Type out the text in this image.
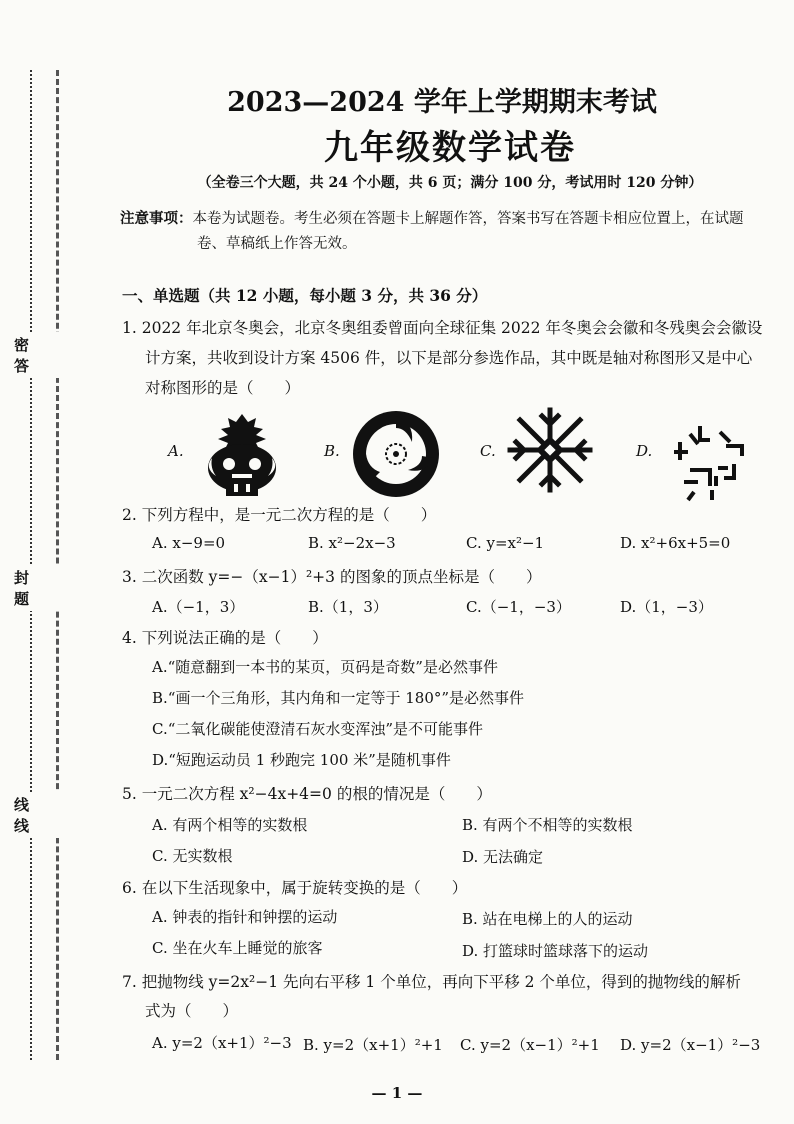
密 答
封 题
线 线
2023—2024 学年上学期期末考试
九年级数学试卷
（全卷三个大题，共 24 个小题，共 6 页；满分 100 分，考试用时 120 分钟）
注意事项：本卷为试题卷。考生必须在答题卡上解题作答，答案书写在答题卡相应位置上，在试题
卷、草稿纸上作答无效。
一、单选题（共 12 小题，每小题 3 分，共 36 分）
1. 2022 年北京冬奥会，北京冬奥组委曾面向全球征集 2022 年冬奥会会徽和冬残奥会会徽设
计方案，共收到设计方案 4506 件，以下是部分参选作品，其中既是轴对称图形又是中心
对称图形的是（　　）
A.	B.	C.	D.
2. 下列方程中，是一元二次方程的是（　　）
A. x−9=0	B. x²−2x−3	C. y=x²−1	D. x²+6x+5=0
3. 二次函数 y=−（x−1）²+3 的图象的顶点坐标是（　　）
A.（−1，3）	B.（1，3）	C.（−1，−3）	D.（1，−3）
4. 下列说法正确的是（　　）
A.“随意翻到一本书的某页，页码是奇数”是必然事件
B.“画一个三角形，其内角和一定等于 180°”是必然事件
C.“二氧化碳能使澄清石灰水变浑浊”是不可能事件
D.“短跑运动员 1 秒跑完 100 米”是随机事件
5. 一元二次方程 x²−4x+4=0 的根的情况是（　　）
A. 有两个相等的实数根	B. 有两个不相等的实数根
C. 无实数根	D. 无法确定
6. 在以下生活现象中，属于旋转变换的是（　　）
A. 钟表的指针和钟摆的运动	B. 站在电梯上的人的运动
C. 坐在火车上睡觉的旅客	D. 打篮球时篮球落下的运动
7. 把抛物线 y=2x²−1 先向右平移 1 个单位，再向下平移 2 个单位，得到的抛物线的解析
式为（　　）
A. y=2（x+1）²−3 B. y=2（x+1）²+1 C. y=2（x−1）²+1 D. y=2（x−1）²−3
— 1 —
